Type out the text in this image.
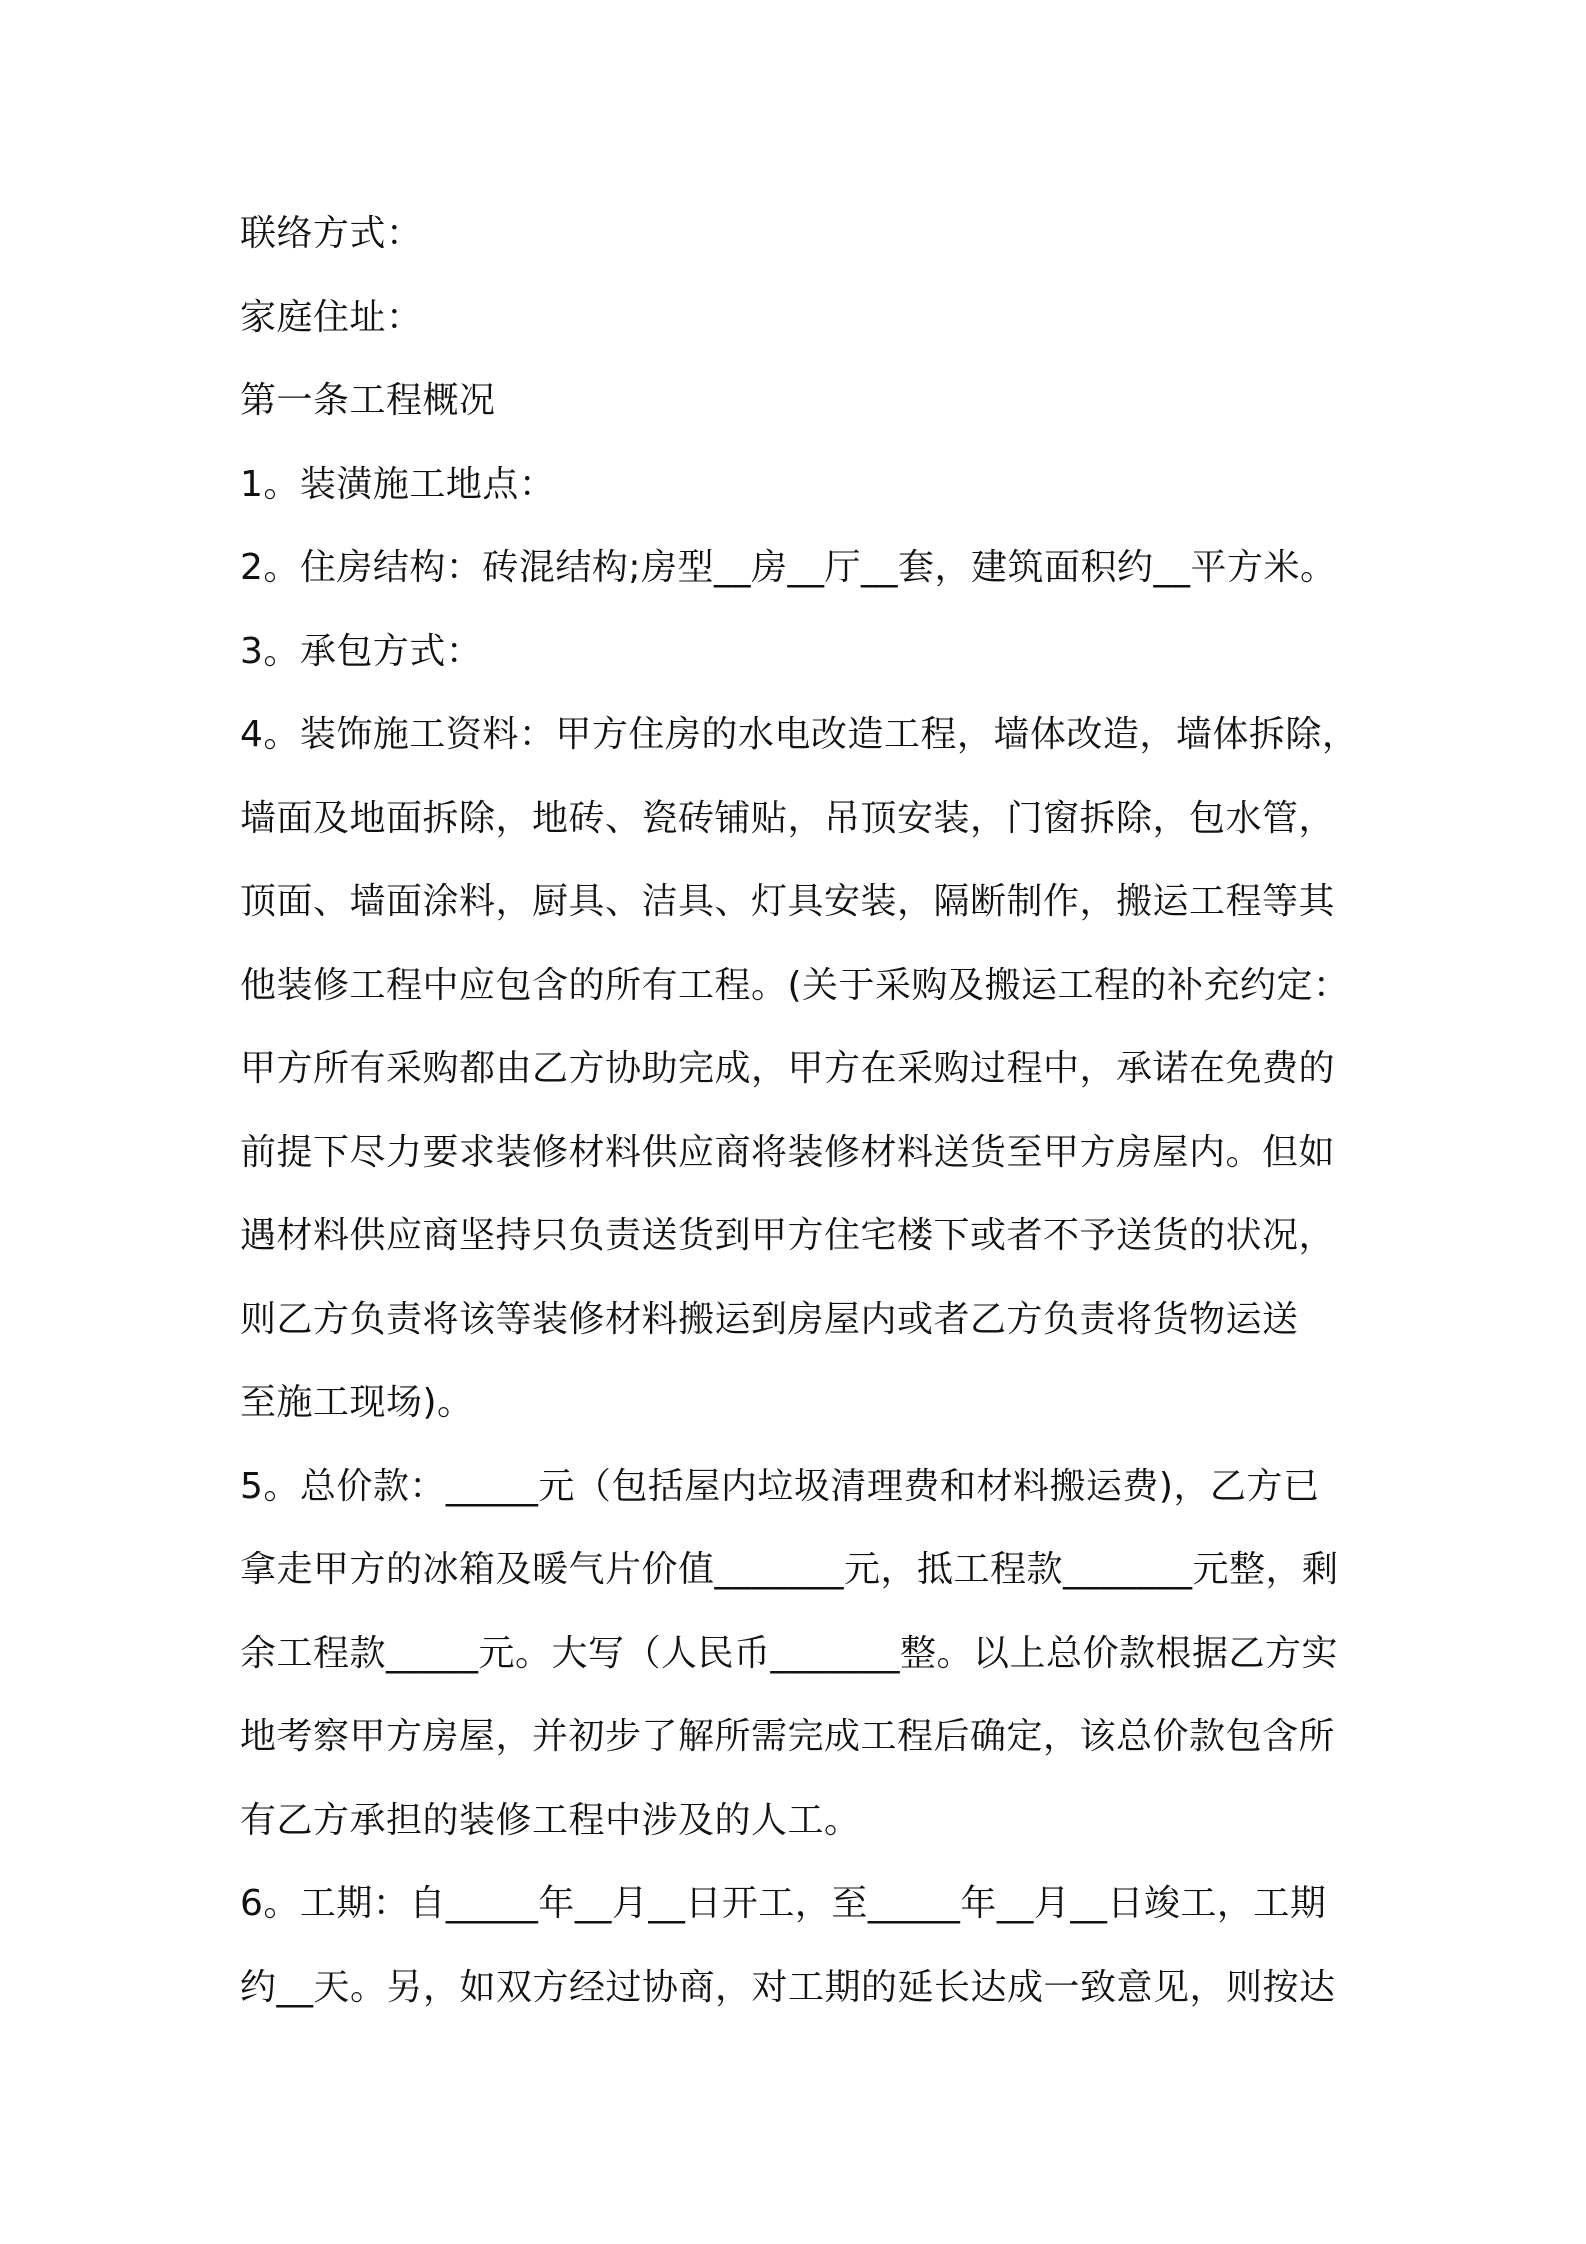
联络方式：
家庭住址：
第一条工程概况
1。装潢施工地点：
2。住房结构：砖混结构;房型__房__厅__套，建筑面积约__平方米。
3。承包方式：
4。装饰施工资料：甲方住房的水电改造工程，墙体改造，墙体拆除，
墙面及地面拆除，地砖、瓷砖铺贴，吊顶安装，门窗拆除，包水管，
顶面、墙面涂料，厨具、洁具、灯具安装，隔断制作，搬运工程等其
他装修工程中应包含的所有工程。(关于采购及搬运工程的补充约定：
甲方所有采购都由乙方协助完成，甲方在采购过程中，承诺在免费的
前提下尽力要求装修材料供应商将装修材料送货至甲方房屋内。但如
遇材料供应商坚持只负责送货到甲方住宅楼下或者不予送货的状况，
则乙方负责将该等装修材料搬运到房屋内或者乙方负责将货物运送
至施工现场)。
5。总价款：_____元（包括屋内垃圾清理费和材料搬运费)，乙方已
拿走甲方的冰箱及暖气片价值_______元，抵工程款_______元整，剩
余工程款_____元。大写（人民币_______整。以上总价款根据乙方实
地考察甲方房屋，并初步了解所需完成工程后确定，该总价款包含所
有乙方承担的装修工程中涉及的人工。
6。工期：自_____年__月__日开工，至_____年__月__日竣工，工期
约__天。另，如双方经过协商，对工期的延长达成一致意见，则按达
